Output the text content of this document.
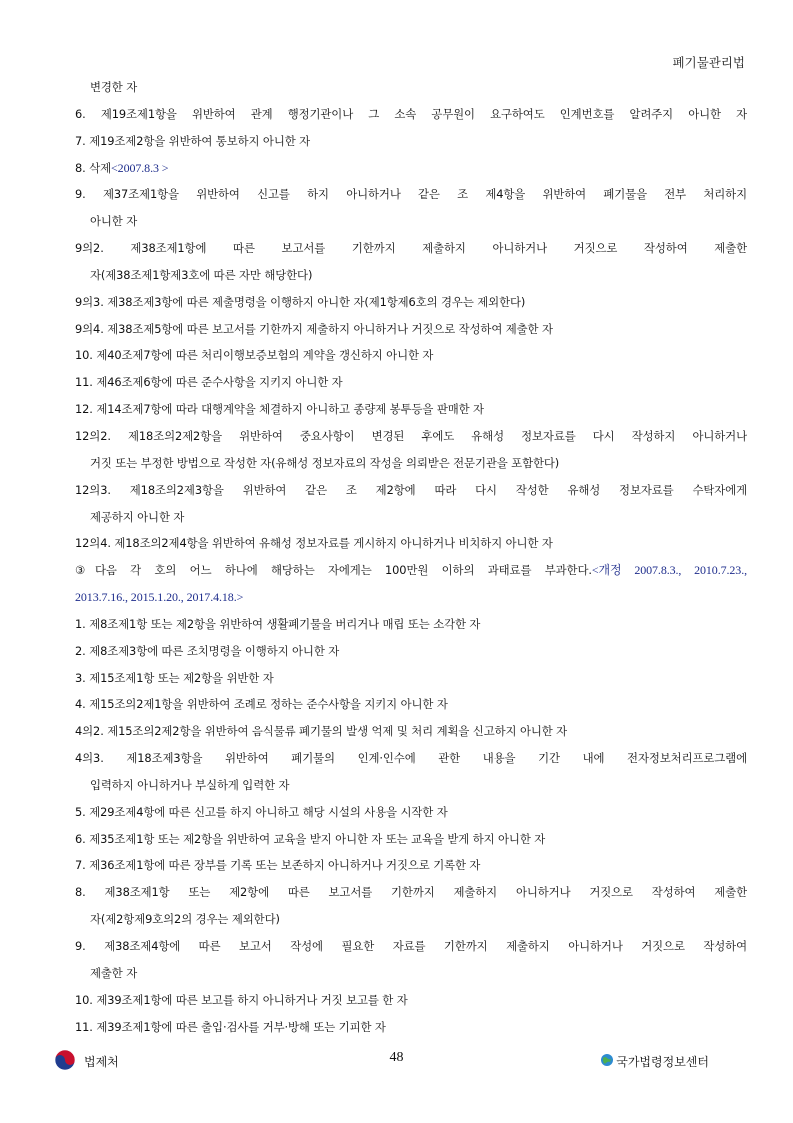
폐기물관리법
변경한 자
6. 제19조제1항을 위반하여 관계 행정기관이나 그 소속 공무원이 요구하여도 인계번호를 알려주지 아니한 자
7. 제19조제2항을 위반하여 통보하지 아니한 자
8. 삭제<2007.8.3 >
9. 제37조제1항을 위반하여 신고를 하지 아니하거나 같은 조 제4항을 위반하여 폐기물을 전부 처리하지
아니한 자
9의2. 제38조제1항에 따른 보고서를 기한까지 제출하지 아니하거나 거짓으로 작성하여 제출한
자(제38조제1항제3호에 따른 자만 해당한다)
9의3. 제38조제3항에 따른 제출명령을 이행하지 아니한 자(제1항제6호의 경우는 제외한다)
9의4. 제38조제5항에 따른 보고서를 기한까지 제출하지 아니하거나 거짓으로 작성하여 제출한 자
10. 제40조제7항에 따른 처리이행보증보험의 계약을 갱신하지 아니한 자
11. 제46조제6항에 따른 준수사항을 지키지 아니한 자
12. 제14조제7항에 따라 대행계약을 체결하지 아니하고 종량제 봉투등을 판매한 자
12의2. 제18조의2제2항을 위반하여 중요사항이 변경된 후에도 유해성 정보자료를 다시 작성하지 아니하거나
거짓 또는 부정한 방법으로 작성한 자(유해성 정보자료의 작성을 의뢰받은 전문기관을 포함한다)
12의3. 제18조의2제3항을 위반하여 같은 조 제2항에 따라 다시 작성한 유해성 정보자료를 수탁자에게
제공하지 아니한 자
12의4. 제18조의2제4항을 위반하여 유해성 정보자료를 게시하지 아니하거나 비치하지 아니한 자
③다음 각 호의 어느 하나에 해당하는 자에게는 100만원 이하의 과태료를 부과한다.<개정 2007.8.3., 2010.7.23.,
2013.7.16., 2015.1.20., 2017.4.18.>
1. 제8조제1항 또는 제2항을 위반하여 생활폐기물을 버리거나 매립 또는 소각한 자
2. 제8조제3항에 따른 조치명령을 이행하지 아니한 자
3. 제15조제1항 또는 제2항을 위반한 자
4. 제15조의2제1항을 위반하여 조례로 정하는 준수사항을 지키지 아니한 자
4의2. 제15조의2제2항을 위반하여 음식물류 폐기물의 발생 억제 및 처리 계획을 신고하지 아니한 자
4의3. 제18조제3항을 위반하여 폐기물의 인계·인수에 관한 내용을 기간 내에 전자정보처리프로그램에
입력하지 아니하거나 부실하게 입력한 자
5. 제29조제4항에 따른 신고를 하지 아니하고 해당 시설의 사용을 시작한 자
6. 제35조제1항 또는 제2항을 위반하여 교육을 받지 아니한 자 또는 교육을 받게 하지 아니한 자
7. 제36조제1항에 따른 장부를 기록 또는 보존하지 아니하거나 거짓으로 기록한 자
8. 제38조제1항 또는 제2항에 따른 보고서를 기한까지 제출하지 아니하거나 거짓으로 작성하여 제출한
자(제2항제9호의2의 경우는 제외한다)
9. 제38조제4항에 따른 보고서 작성에 필요한 자료를 기한까지 제출하지 아니하거나 거짓으로 작성하여
제출한 자
10. 제39조제1항에 따른 보고를 하지 아니하거나 거짓 보고를 한 자
11. 제39조제1항에 따른 출입·검사를 거부·방해 또는 기피한 자
법제처	48	국가법령정보센터
